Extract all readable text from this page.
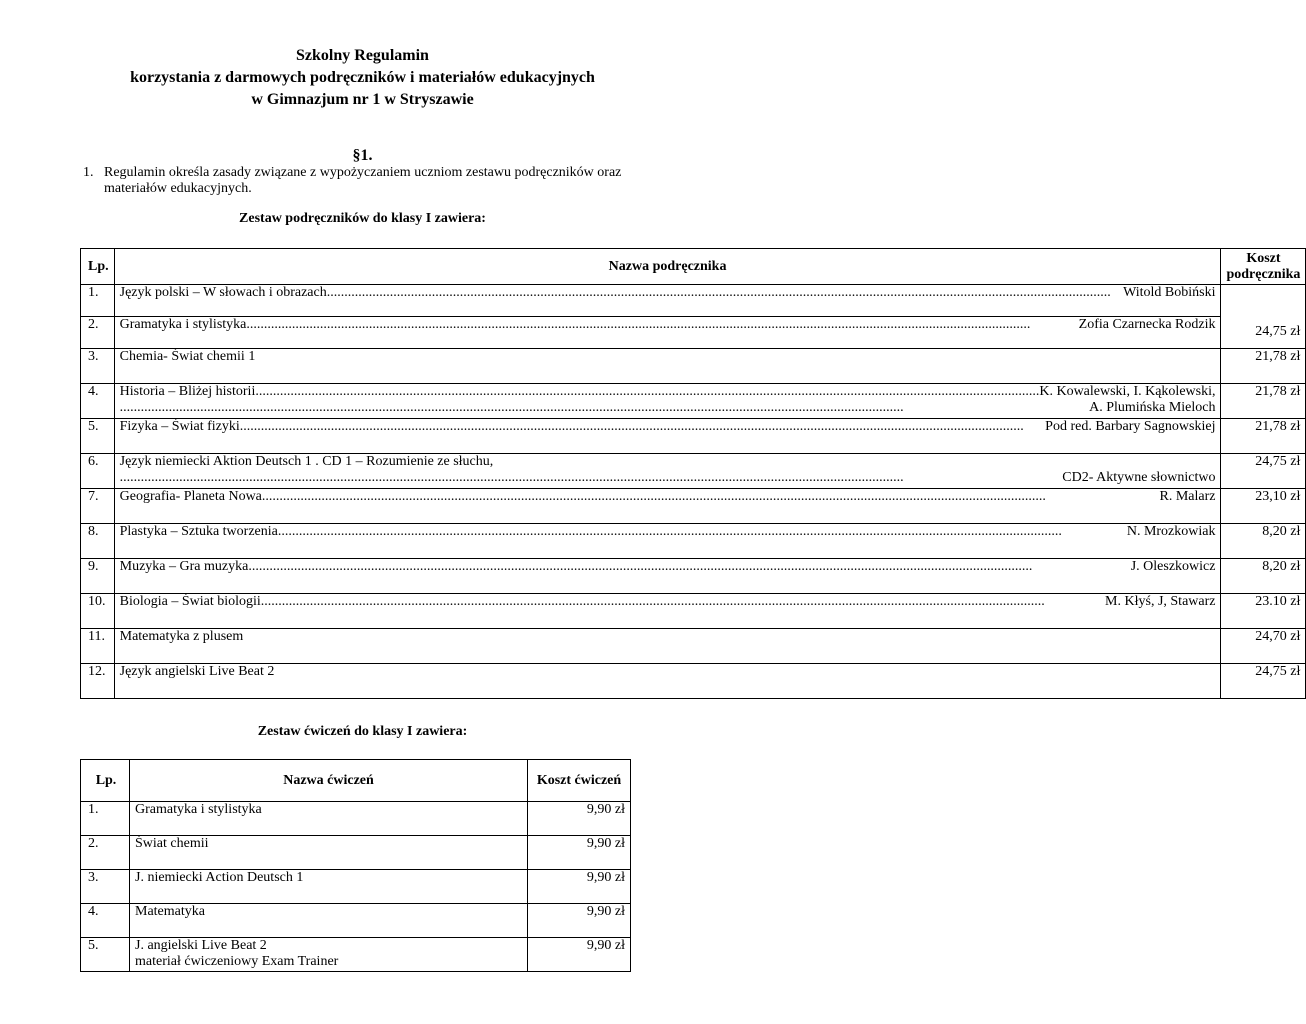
Szkolny Regulamin
korzystania z darmowych podręczników i materiałów edukacyjnych
w Gimnazjum nr 1 w Stryszawie
§1.
1. Regulamin określa zasady związane z wypożyczaniem uczniom zestawu podręczników oraz materiałów edukacyjnych.
Zestaw podręczników do klasy I zawiera:
Lp.	Nazwa podręcznika	Koszt podręcznika
1.	Język polski – W słowach i obrazach ..... Witold Bobiński	24,75 zł
2.	Gramatyka i stylistyka ..... Zofia Czarnecka Rodzik

3.	Chemia- Świat chemii 1	21,78 zł
4.	Historia – Bliżej historii ..... K. Kowalewski, I. Kąkolewski,
.....
A. Plumińska Mieloch	21,78 zł
5.	Fizyka – Świat fizyki ..... Pod red. Barbary Sagnowskiej	21,78 zł
6.	Język niemiecki Aktion Deutsch 1 . CD 1 – Rozumienie ze słuchu,
.....
CD2- Aktywne słownictwo	24,75 zł
7.	Geografia- Planeta Nowa ..... R. Malarz	23,10 zł
8.	Plastyka – Sztuka tworzenia ..... N. Mrozkowiak	8,20 zł
9.	Muzyka – Gra muzyka ..... J. Oleszkowicz	8,20 zł
10.	Biologia – Świat biologii ..... M. Kłyś, J, Stawarz	23.10 zł
11.	Matematyka z plusem	24,70 zł
12.	Język angielski Live Beat 2	24,75 zł
Zestaw ćwiczeń do klasy I zawiera:
Lp.	Nazwa ćwiczeń	Koszt ćwiczeń
1.	Gramatyka i stylistyka	9,90 zł
2.	Świat chemii	9,90 zł
3.	J. niemiecki Action Deutsch 1	9,90 zł
4.	Matematyka	9,90 zł
5.	J. angielski Live Beat 2
materiał ćwiczeniowy Exam Trainer	9,90 zł
